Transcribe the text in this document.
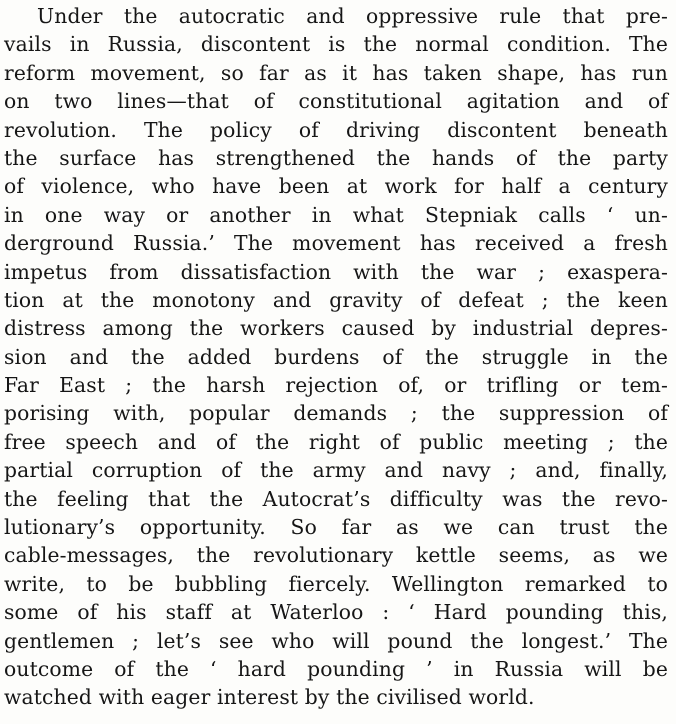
Under the autocratic and oppressive rule that pre-
vails in Russia, discontent is the normal condition. The
reform movement, so far as it has taken shape, has run
on two lines—that of constitutional agitation and of
revolution. The policy of driving discontent beneath
the surface has strengthened the hands of the party
of violence, who have been at work for half a century
in one way or another in what Stepniak calls ‘ un-
derground Russia.’ The movement has received a fresh
impetus from dissatisfaction with the war ; exaspera-
tion at the monotony and gravity of defeat ; the keen
distress among the workers caused by industrial depres-
sion and the added burdens of the struggle in the
Far East ; the harsh rejection of, or trifling or tem-
porising with, popular demands ; the suppression of
free speech and of the right of public meeting ; the
partial corruption of the army and navy ; and, finally,
the feeling that the Autocrat’s difficulty was the revo-
lutionary’s opportunity. So far as we can trust the
cable-messages, the revolutionary kettle seems, as we
write, to be bubbling fiercely. Wellington remarked to
some of his staff at Waterloo : ‘ Hard pounding this,
gentlemen ; let’s see who will pound the longest.’ The
outcome of the ‘ hard pounding ’ in Russia will be
watched with eager interest by the civilised world.
